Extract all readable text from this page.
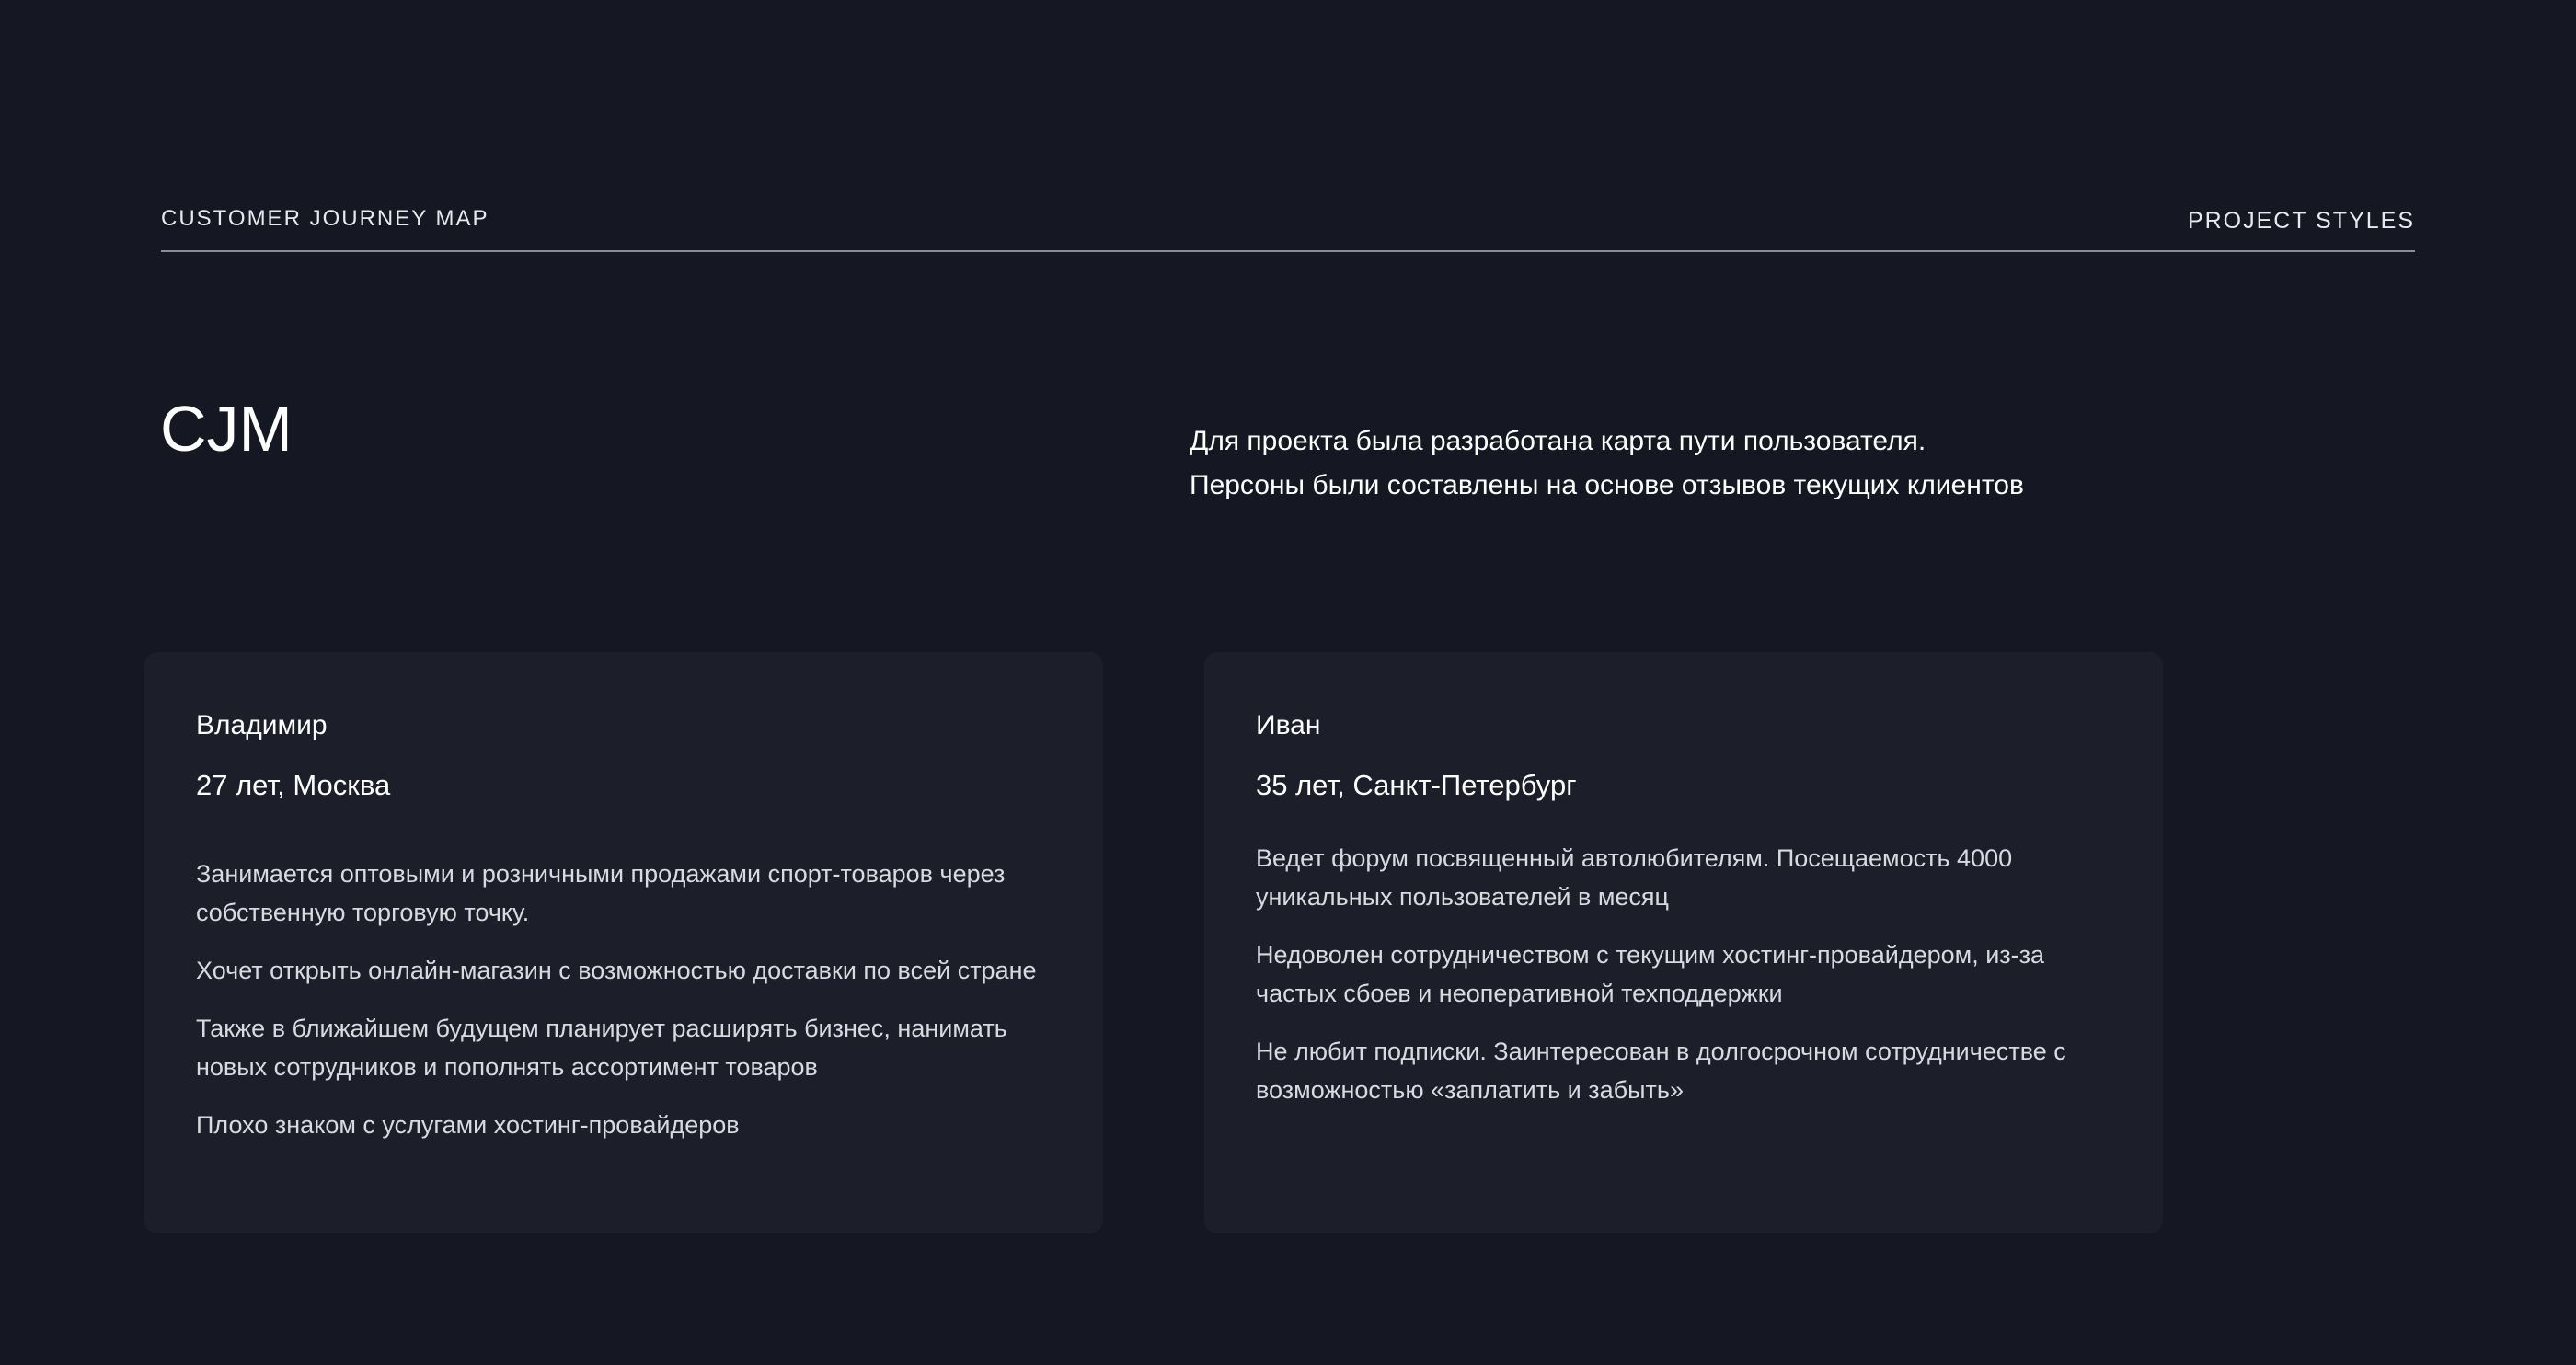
CUSTOMER JOURNEY MAP	PROJECT STYLES
CJM	Для проекта была разработана карта пути пользователя.
Персоны были составлены на основе отзывов текущих клиентов
Владимир
27 лет, Москва

Занимается оптовыми и розничными продажами спорт-товаров через собственную торговую точку.

Хочет открыть онлайн-магазин с возможностью доставки по всей стране

Также в ближайшем будущем планирует расширять бизнес, нанимать новых сотрудников и пополнять ассортимент товаров

Плохо знаком с услугами хостинг-провайдеров

Иван
35 лет, Санкт-Петербург

Ведет форум посвященный автолюбителям. Посещаемость 4000 уникальных пользователей в месяц

Недоволен сотрудничеством с текущим хостинг-провайдером, из-за частых сбоев и неоперативной техподдержки

Не любит подписки. Заинтересован в долгосрочном сотрудничестве с возможностью «заплатить и забыть»
